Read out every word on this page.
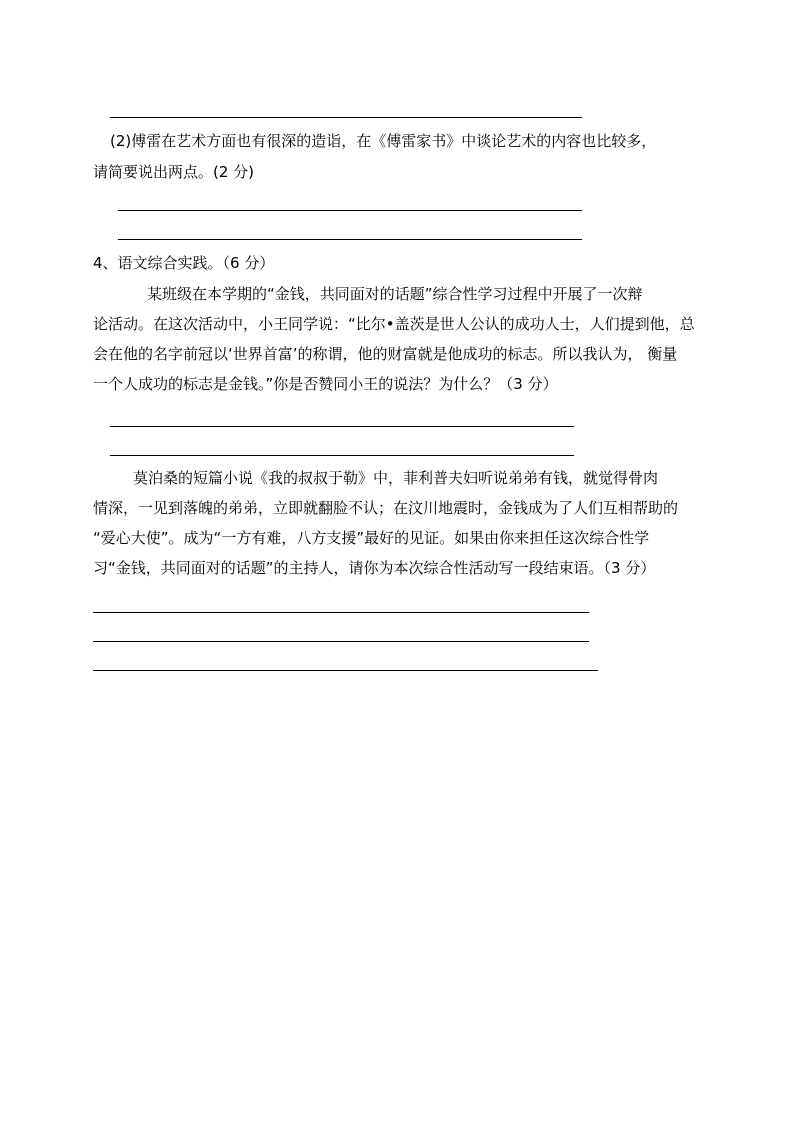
(2)傅雷在艺术方面也有很深的造诣，在《傅雷家书》中谈论艺术的内容也比较多，
请简要说出两点。(2 分)
4、语文综合实践。（6 分）
某班级在本学期的“金钱，共同面对的话题”综合性学习过程中开展了一次辩
论活动。在这次活动中，小王同学说：“比尔•盖茨是世人公认的成功人士，人们提到他，总
会在他的名字前冠以‘世界首富’的称谓，他的财富就是他成功的标志。所以我认为， 衡量
一个人成功的标志是金钱。”你是否赞同小王的说法？为什么？（3 分）
莫泊桑的短篇小说《我的叔叔于勒》中，菲利普夫妇听说弟弟有钱，就觉得骨肉
情深，一见到落魄的弟弟，立即就翻脸不认；在汶川地震时，金钱成为了人们互相帮助的
“爱心大使”。成为“一方有难，八方支援”最好的见证。如果由你来担任这次综合性学
习“金钱，共同面对的话题”的主持人，请你为本次综合性活动写一段结束语。（3 分）
